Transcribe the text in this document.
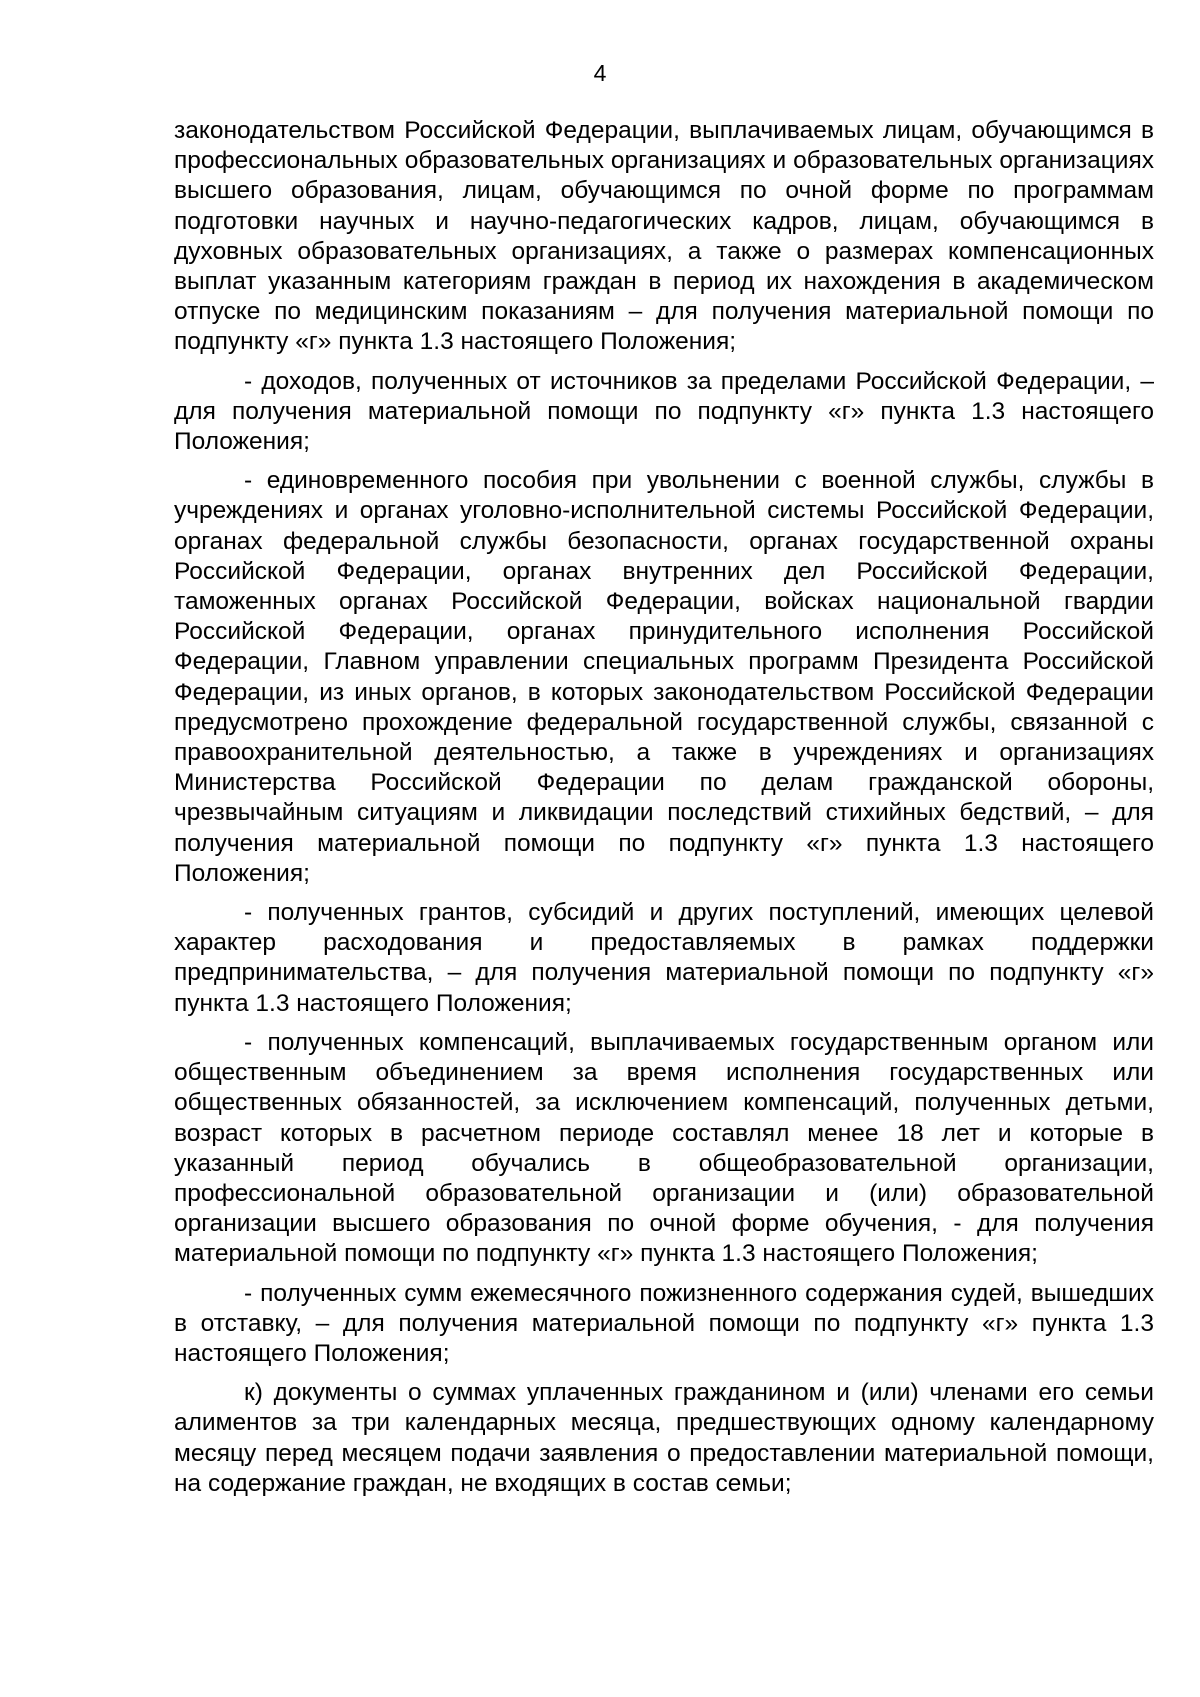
4

законодательством Российской Федерации, выплачиваемых лицам, обучающимся в профессиональных образовательных организациях и образовательных организациях высшего образования, лицам, обучающимся по очной форме по программам подготовки научных и научно-педагогических кадров, лицам, обучающимся в духовных образовательных организациях, а также о размерах компенсационных выплат указанным категориям граждан в период их нахождения в академическом отпуске по медицинским показаниям – для получения материальной помощи по подпункту «г» пункта 1.3 настоящего Положения;

- доходов, полученных от источников за пределами Российской Федерации, – для получения материальной помощи по подпункту «г» пункта 1.3 настоящего Положения;

- единовременного пособия при увольнении с военной службы, службы в учреждениях и органах уголовно-исполнительной системы Российской Федерации, органах федеральной службы безопасности, органах государственной охраны Российской Федерации, органах внутренних дел Российской Федерации, таможенных органах Российской Федерации, войсках национальной гвардии Российской Федерации, органах принудительного исполнения Российской Федерации, Главном управлении специальных программ Президента Российской Федерации, из иных органов, в которых законодательством Российской Федерации предусмотрено прохождение федеральной государственной службы, связанной с правоохранительной деятельностью, а также в учреждениях и организациях Министерства Российской Федерации по делам гражданской обороны, чрезвычайным ситуациям и ликвидации последствий стихийных бедствий, – для получения материальной помощи по подпункту «г» пункта 1.3 настоящего Положения;

- полученных грантов, субсидий и других поступлений, имеющих целевой характер расходования и предоставляемых в рамках поддержки предпринимательства, – для получения материальной помощи по подпункту «г» пункта 1.3 настоящего Положения;

- полученных компенсаций, выплачиваемых государственным органом или общественным объединением за время исполнения государственных или общественных обязанностей, за исключением компенсаций, полученных детьми, возраст которых в расчетном периоде составлял менее 18 лет и которые в указанный период обучались в общеобразовательной организации, профессиональной образовательной организации и (или) образовательной организации высшего образования по очной форме обучения, - для получения материальной помощи по подпункту «г» пункта 1.3 настоящего Положения;

- полученных сумм ежемесячного пожизненного содержания судей, вышедших в отставку, – для получения материальной помощи по подпункту «г» пункта 1.3 настоящего Положения;

к) документы о суммах уплаченных гражданином и (или) членами его семьи алиментов за три календарных месяца, предшествующих одному календарному месяцу перед месяцем подачи заявления о предоставлении материальной помощи, на содержание граждан, не входящих в состав семьи;
